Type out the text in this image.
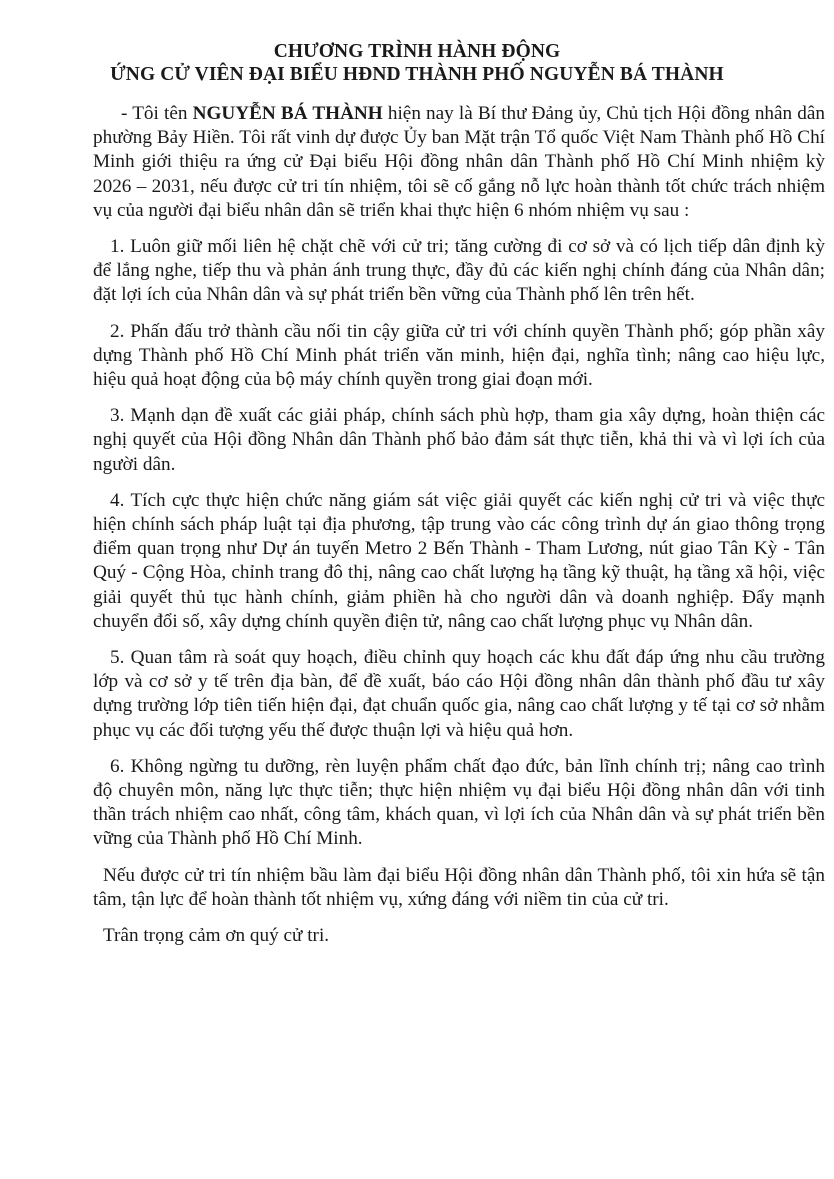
CHƯƠNG TRÌNH HÀNH ĐỘNG
ỨNG CỬ VIÊN ĐẠI BIỂU HĐND THÀNH PHỐ NGUYỄN BÁ THÀNH

- Tôi tên NGUYỄN BÁ THÀNH hiện nay là Bí thư Đảng ủy, Chủ tịch Hội đồng nhân dân phường Bảy Hiền. Tôi rất vinh dự được Ủy ban Mặt trận Tổ quốc Việt Nam Thành phố Hồ Chí Minh giới thiệu ra ứng cử Đại biểu Hội đồng nhân dân Thành phố Hồ Chí Minh nhiệm kỳ 2026 – 2031, nếu được cử tri tín nhiệm, tôi sẽ cố gắng nỗ lực hoàn thành tốt chức trách nhiệm vụ của người đại biểu nhân dân sẽ triển khai thực hiện 6 nhóm nhiệm vụ sau :

1. Luôn giữ mối liên hệ chặt chẽ với cử tri; tăng cường đi cơ sở và có lịch tiếp dân định kỳ để lắng nghe, tiếp thu và phản ánh trung thực, đầy đủ các kiến nghị chính đáng của Nhân dân; đặt lợi ích của Nhân dân và sự phát triển bền vững của Thành phố lên trên hết.

2. Phấn đấu trở thành cầu nối tin cậy giữa cử tri với chính quyền Thành phố; góp phần xây dựng Thành phố Hồ Chí Minh phát triển văn minh, hiện đại, nghĩa tình; nâng cao hiệu lực, hiệu quả hoạt động của bộ máy chính quyền trong giai đoạn mới.

3. Mạnh dạn đề xuất các giải pháp, chính sách phù hợp, tham gia xây dựng, hoàn thiện các nghị quyết của Hội đồng Nhân dân Thành phố bảo đảm sát thực tiễn, khả thi và vì lợi ích của người dân.

4. Tích cực thực hiện chức năng giám sát việc giải quyết các kiến nghị cử tri và việc thực hiện chính sách pháp luật tại địa phương, tập trung vào các công trình dự án giao thông trọng điểm quan trọng như Dự án tuyến Metro 2 Bến Thành - Tham Lương, nút giao Tân Kỳ - Tân Quý - Cộng Hòa, chỉnh trang đô thị, nâng cao chất lượng hạ tầng kỹ thuật, hạ tầng xã hội, việc giải quyết thủ tục hành chính, giảm phiền hà cho người dân và doanh nghiệp. Đẩy mạnh chuyển đổi số, xây dựng chính quyền điện tử, nâng cao chất lượng phục vụ Nhân dân.

5. Quan tâm rà soát quy hoạch, điều chỉnh quy hoạch các khu đất đáp ứng nhu cầu trường lớp và cơ sở y tế trên địa bàn, để đề xuất, báo cáo Hội đồng nhân dân thành phố đầu tư xây dựng trường lớp tiên tiến hiện đại, đạt chuẩn quốc gia, nâng cao chất lượng y tế tại cơ sở nhằm phục vụ các đối tượng yếu thế được thuận lợi và hiệu quả hơn.

6. Không ngừng tu dưỡng, rèn luyện phẩm chất đạo đức, bản lĩnh chính trị; nâng cao trình độ chuyên môn, năng lực thực tiễn; thực hiện nhiệm vụ đại biểu Hội đồng nhân dân với tinh thần trách nhiệm cao nhất, công tâm, khách quan, vì lợi ích của Nhân dân và sự phát triển bền vững của Thành phố Hồ Chí Minh.

Nếu được cử tri tín nhiệm bầu làm đại biểu Hội đồng nhân dân Thành phố, tôi xin hứa sẽ tận tâm, tận lực để hoàn thành tốt nhiệm vụ, xứng đáng với niềm tin của cử tri.

Trân trọng cảm ơn quý cử tri.
